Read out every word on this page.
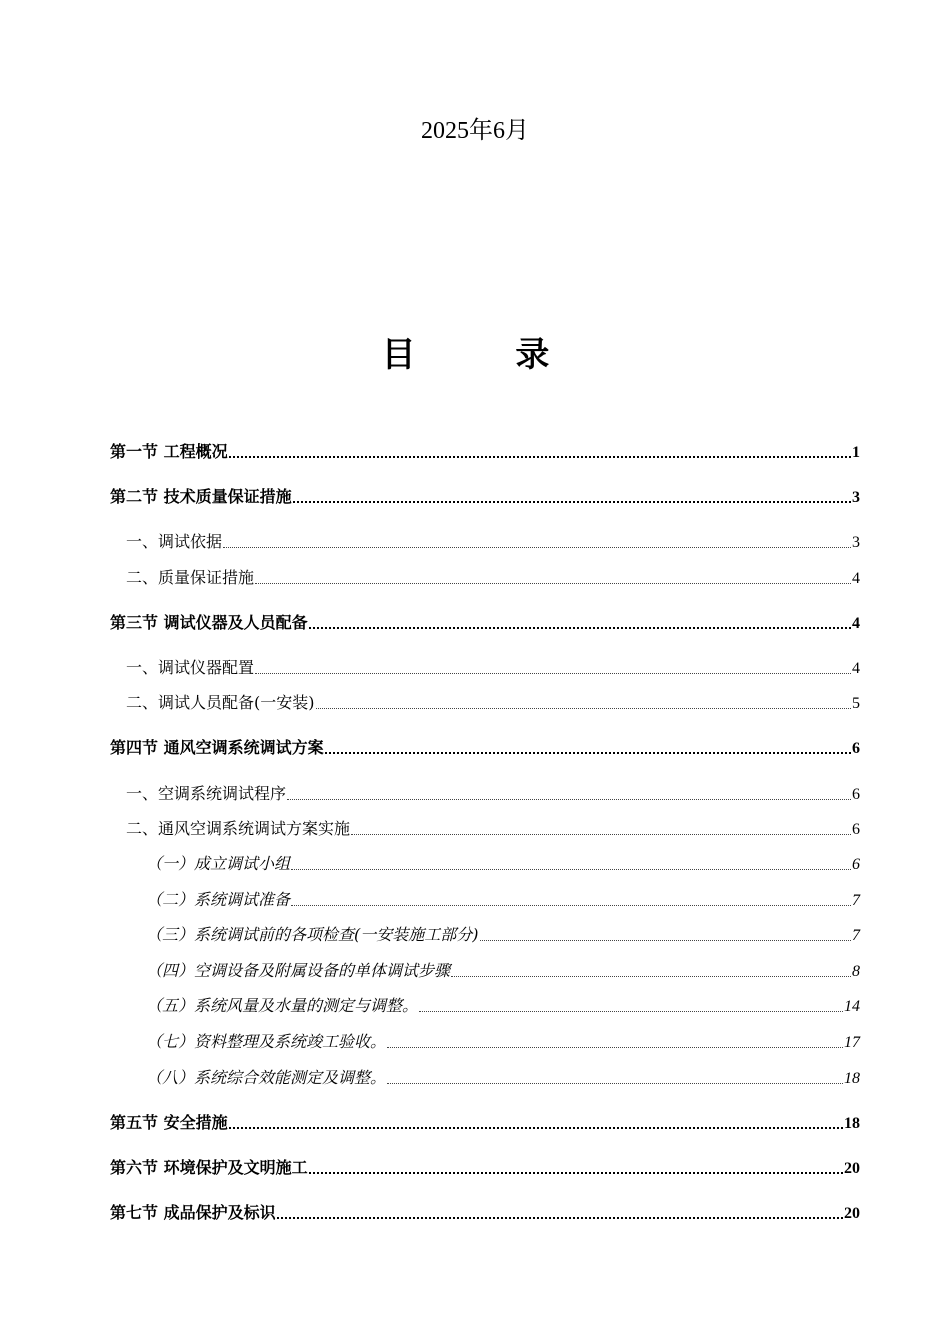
2025年6月
目 录
第一节 工程概况	1
第二节 技术质量保证措施	3
一、调试依据	3
二、质量保证措施	4
第三节 调试仪器及人员配备	4
一、调试仪器配置	4
二、调试人员配备(一安装)	5
第四节 通风空调系统调试方案	6
一、空调系统调试程序	6
二、通风空调系统调试方案实施	6
（一）成立调试小组	6
（二）系统调试准备	7
（三）系统调试前的各项检查(一安装施工部分)	7
（四）空调设备及附属设备的单体调试步骤	8
（五）系统风量及水量的测定与调整。	14
（七）资料整理及系统竣工验收。	17
（八）系统综合效能测定及调整。	18
第五节 安全措施	18
第六节 环境保护及文明施工	20
第七节 成品保护及标识	20
